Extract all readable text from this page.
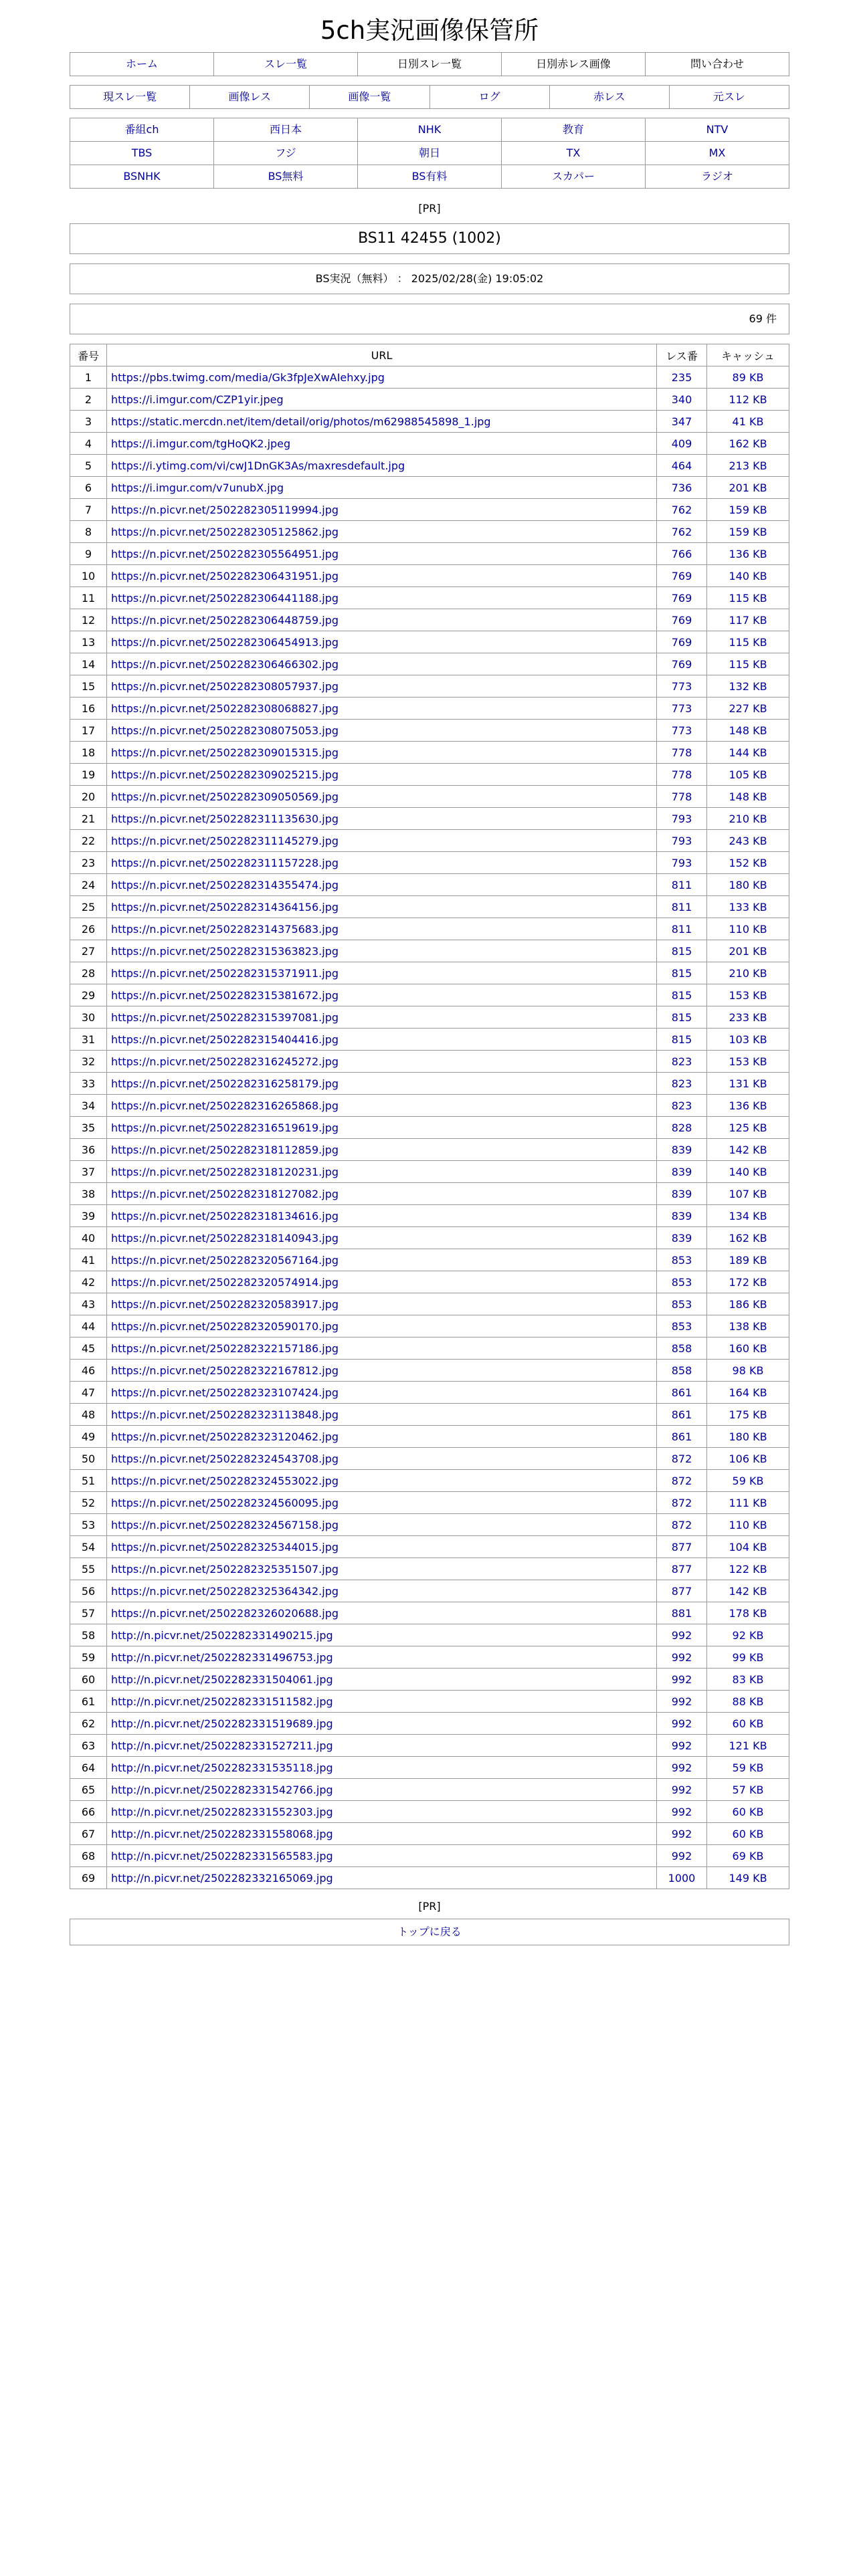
5ch実況画像保管所
ホーム	スレ一覧	日別スレ一覧	日別赤レス画像	問い合わせ
現スレ一覧	画像レス	画像一覧	ログ	赤レス	元スレ
番組ch	西日本	NHK	教育	NTV
TBS	フジ	朝日	TX	MX
BSNHK	BS無料	BS有料	スカパー	ラジオ
[PR]
BS11 42455 (1002)
BS実況（無料） ： 2025/02/28(金) 19:05:02
69 件
番号	URL	レス番	キャッシュ
1	https://pbs.twimg.com/media/Gk3fpJeXwAIehxy.jpg	235	89 KB
2	https://i.imgur.com/CZP1yir.jpeg	340	112 KB
3	https://static.mercdn.net/item/detail/orig/photos/m62988545898_1.jpg	347	41 KB
4	https://i.imgur.com/tgHoQK2.jpeg	409	162 KB
5	https://i.ytimg.com/vi/cwJ1DnGK3As/maxresdefault.jpg	464	213 KB
6	https://i.imgur.com/v7unubX.jpg	736	201 KB
7	https://n.picvr.net/2502282305119994.jpg	762	159 KB
8	https://n.picvr.net/2502282305125862.jpg	762	159 KB
9	https://n.picvr.net/2502282305564951.jpg	766	136 KB
10	https://n.picvr.net/2502282306431951.jpg	769	140 KB
11	https://n.picvr.net/2502282306441188.jpg	769	115 KB
12	https://n.picvr.net/2502282306448759.jpg	769	117 KB
13	https://n.picvr.net/2502282306454913.jpg	769	115 KB
14	https://n.picvr.net/2502282306466302.jpg	769	115 KB
15	https://n.picvr.net/2502282308057937.jpg	773	132 KB
16	https://n.picvr.net/2502282308068827.jpg	773	227 KB
17	https://n.picvr.net/2502282308075053.jpg	773	148 KB
18	https://n.picvr.net/2502282309015315.jpg	778	144 KB
19	https://n.picvr.net/2502282309025215.jpg	778	105 KB
20	https://n.picvr.net/2502282309050569.jpg	778	148 KB
21	https://n.picvr.net/2502282311135630.jpg	793	210 KB
22	https://n.picvr.net/2502282311145279.jpg	793	243 KB
23	https://n.picvr.net/2502282311157228.jpg	793	152 KB
24	https://n.picvr.net/2502282314355474.jpg	811	180 KB
25	https://n.picvr.net/2502282314364156.jpg	811	133 KB
26	https://n.picvr.net/2502282314375683.jpg	811	110 KB
27	https://n.picvr.net/2502282315363823.jpg	815	201 KB
28	https://n.picvr.net/2502282315371911.jpg	815	210 KB
29	https://n.picvr.net/2502282315381672.jpg	815	153 KB
30	https://n.picvr.net/2502282315397081.jpg	815	233 KB
31	https://n.picvr.net/2502282315404416.jpg	815	103 KB
32	https://n.picvr.net/2502282316245272.jpg	823	153 KB
33	https://n.picvr.net/2502282316258179.jpg	823	131 KB
34	https://n.picvr.net/2502282316265868.jpg	823	136 KB
35	https://n.picvr.net/2502282316519619.jpg	828	125 KB
36	https://n.picvr.net/2502282318112859.jpg	839	142 KB
37	https://n.picvr.net/2502282318120231.jpg	839	140 KB
38	https://n.picvr.net/2502282318127082.jpg	839	107 KB
39	https://n.picvr.net/2502282318134616.jpg	839	134 KB
40	https://n.picvr.net/2502282318140943.jpg	839	162 KB
41	https://n.picvr.net/2502282320567164.jpg	853	189 KB
42	https://n.picvr.net/2502282320574914.jpg	853	172 KB
43	https://n.picvr.net/2502282320583917.jpg	853	186 KB
44	https://n.picvr.net/2502282320590170.jpg	853	138 KB
45	https://n.picvr.net/2502282322157186.jpg	858	160 KB
46	https://n.picvr.net/2502282322167812.jpg	858	98 KB
47	https://n.picvr.net/2502282323107424.jpg	861	164 KB
48	https://n.picvr.net/2502282323113848.jpg	861	175 KB
49	https://n.picvr.net/2502282323120462.jpg	861	180 KB
50	https://n.picvr.net/2502282324543708.jpg	872	106 KB
51	https://n.picvr.net/2502282324553022.jpg	872	59 KB
52	https://n.picvr.net/2502282324560095.jpg	872	111 KB
53	https://n.picvr.net/2502282324567158.jpg	872	110 KB
54	https://n.picvr.net/2502282325344015.jpg	877	104 KB
55	https://n.picvr.net/2502282325351507.jpg	877	122 KB
56	https://n.picvr.net/2502282325364342.jpg	877	142 KB
57	https://n.picvr.net/2502282326020688.jpg	881	178 KB
58	http://n.picvr.net/2502282331490215.jpg	992	92 KB
59	http://n.picvr.net/2502282331496753.jpg	992	99 KB
60	http://n.picvr.net/2502282331504061.jpg	992	83 KB
61	http://n.picvr.net/2502282331511582.jpg	992	88 KB
62	http://n.picvr.net/2502282331519689.jpg	992	60 KB
63	http://n.picvr.net/2502282331527211.jpg	992	121 KB
64	http://n.picvr.net/2502282331535118.jpg	992	59 KB
65	http://n.picvr.net/2502282331542766.jpg	992	57 KB
66	http://n.picvr.net/2502282331552303.jpg	992	60 KB
67	http://n.picvr.net/2502282331558068.jpg	992	60 KB
68	http://n.picvr.net/2502282331565583.jpg	992	69 KB
69	http://n.picvr.net/2502282332165069.jpg	1000	149 KB
[PR]
トップに戻る
